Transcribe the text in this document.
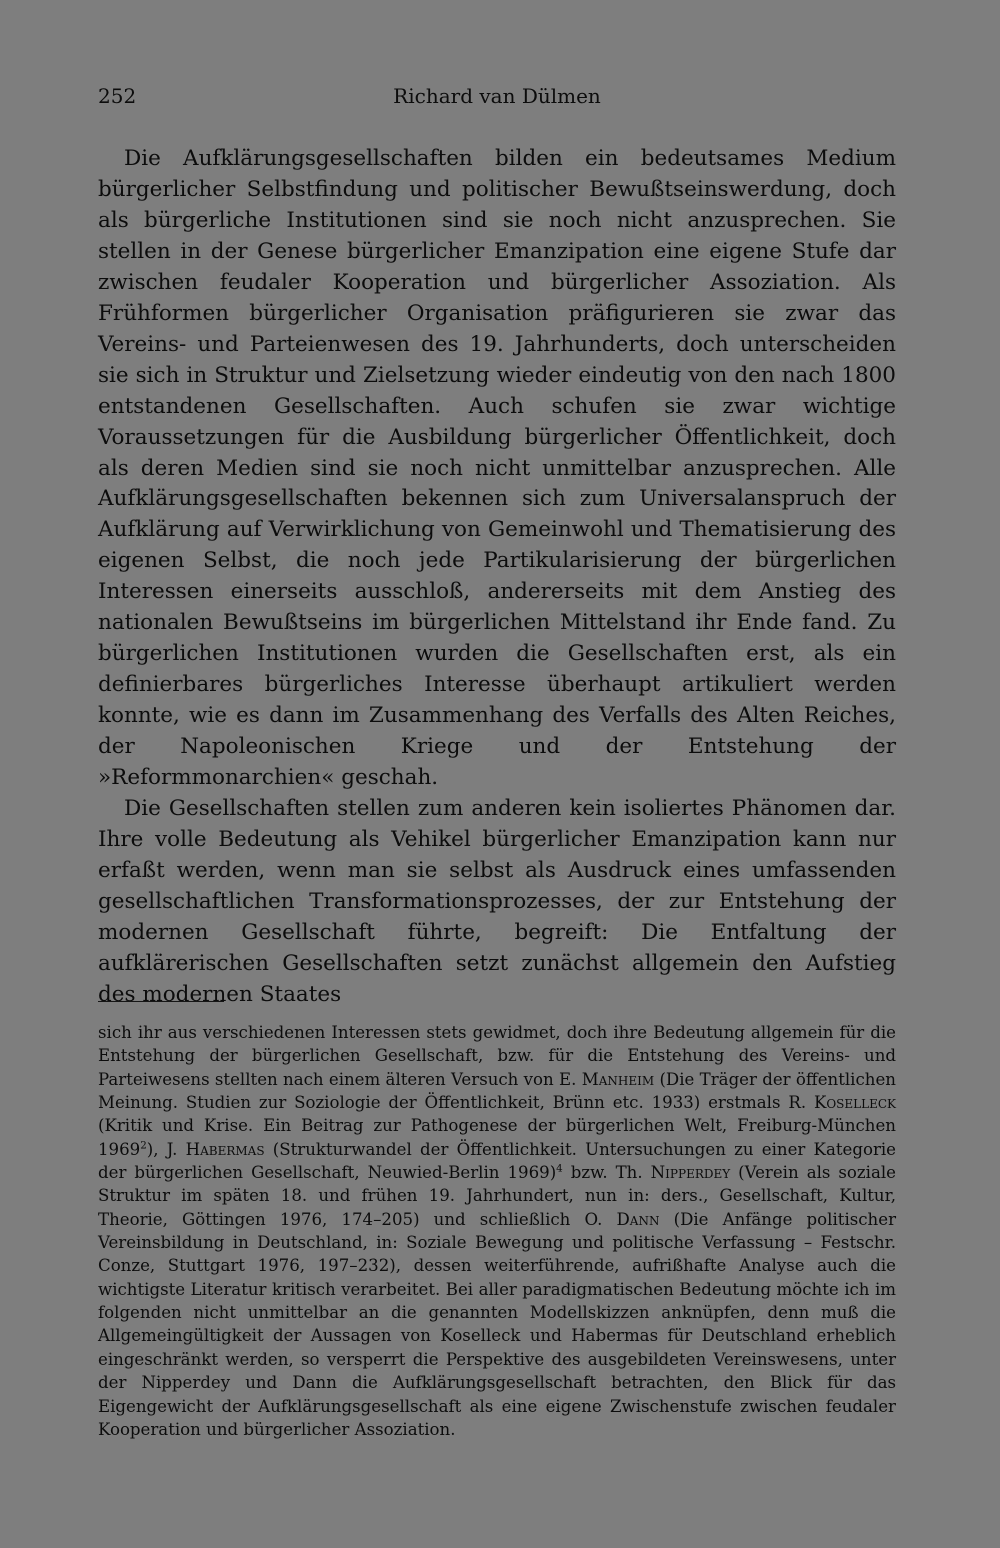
252	Richard van Dülmen

Die Aufklärungsgesellschaften bilden ein bedeutsames Medium bürgerlicher Selbstfindung und politischer Bewußtseinswerdung, doch als bürgerliche Institutionen sind sie noch nicht anzusprechen. Sie stellen in der Genese bürgerlicher Emanzipation eine eigene Stufe dar zwischen feudaler Kooperation und bürgerlicher Assoziation. Als Frühformen bürgerlicher Organisation präfigurieren sie zwar das Vereins- und Parteienwesen des 19. Jahrhunderts, doch unterscheiden sie sich in Struktur und Zielsetzung wieder eindeutig von den nach 1800 entstandenen Gesellschaften. Auch schufen sie zwar wichtige Voraussetzungen für die Ausbildung bürgerlicher Öffentlichkeit, doch als deren Medien sind sie noch nicht unmittelbar anzusprechen. Alle Aufklärungsgesellschaften bekennen sich zum Universalanspruch der Aufklärung auf Verwirklichung von Gemeinwohl und Thematisierung des eigenen Selbst, die noch jede Partikularisierung der bürgerlichen Interessen einerseits ausschloß, andererseits mit dem Anstieg des nationalen Bewußtseins im bürgerlichen Mittelstand ihr Ende fand. Zu bürgerlichen Institutionen wurden die Gesellschaften erst, als ein definierbares bürgerliches Interesse überhaupt artikuliert werden konnte, wie es dann im Zusammenhang des Verfalls des Alten Reiches, der Napoleonischen Kriege und der Entstehung der »Reformmonarchien« geschah.

Die Gesellschaften stellen zum anderen kein isoliertes Phänomen dar. Ihre volle Bedeutung als Vehikel bürgerlicher Emanzipation kann nur erfaßt werden, wenn man sie selbst als Ausdruck eines umfassenden gesellschaftlichen Transformationsprozesses, der zur Entstehung der modernen Gesellschaft führte, begreift: Die Entfaltung der aufklärerischen Gesellschaften setzt zunächst allgemein den Aufstieg des modernen Staates

sich ihr aus verschiedenen Interessen stets gewidmet, doch ihre Bedeutung allgemein für die Entstehung der bürgerlichen Gesellschaft, bzw. für die Entstehung des Vereins- und Parteiwesens stellten nach einem älteren Versuch von E. Manheim (Die Träger der öffentlichen Meinung. Studien zur Soziologie der Öffentlichkeit, Brünn etc. 1933) erstmals R. Koselleck (Kritik und Krise. Ein Beitrag zur Pathogenese der bürgerlichen Welt, Freiburg-München 1969$^2$), J. Habermas (Strukturwandel der Öffentlichkeit. Untersuchungen zu einer Kategorie der bürgerlichen Gesellschaft, Neuwied-Berlin 1969)$^4$ bzw. Th. Nipperdey (Verein als soziale Struktur im späten 18. und frühen 19. Jahrhundert, nun in: ders., Gesellschaft, Kultur, Theorie, Göttingen 1976, 174–205) und schließlich O. Dann (Die Anfänge politischer Vereinsbildung in Deutschland, in: Soziale Bewegung und politische Verfassung – Festschr. Conze, Stuttgart 1976, 197–232), dessen weiterführende, aufrißhafte Analyse auch die wichtigste Literatur kritisch verarbeitet. Bei aller paradigmatischen Bedeutung möchte ich im folgenden nicht unmittelbar an die genannten Modellskizzen anknüpfen, denn muß die Allgemeingültigkeit der Aussagen von Koselleck und Habermas für Deutschland erheblich eingeschränkt werden, so versperrt die Perspektive des ausgebildeten Vereinswesens, unter der Nipperdey und Dann die Aufklärungsgesellschaft betrachten, den Blick für das Eigengewicht der Aufklärungsgesellschaft als eine eigene Zwischenstufe zwischen feudaler Kooperation und bürgerlicher Assoziation.
